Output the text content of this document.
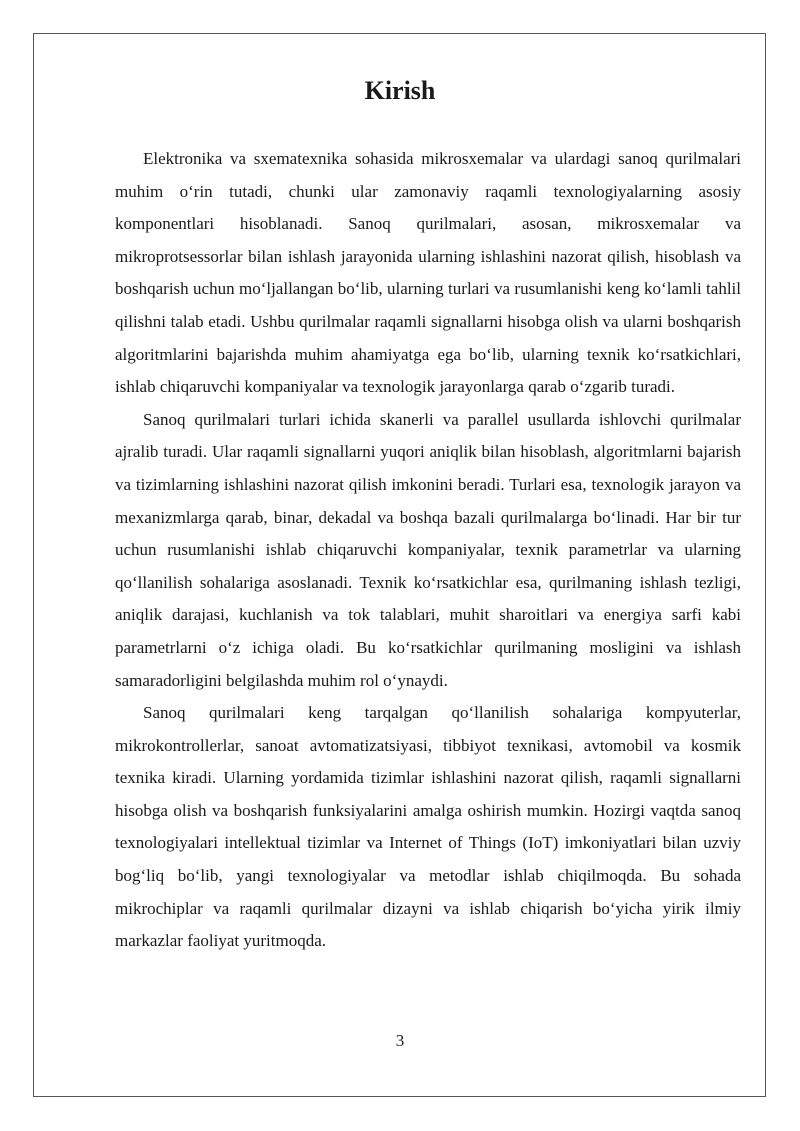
Kirish

Elektronika va sxematexnika sohasida mikrosxemalar va ulardagi sanoq qurilmalari muhim o‘rin tutadi, chunki ular zamonaviy raqamli texnologiyalarning asosiy komponentlari hisoblanadi. Sanoq qurilmalari, asosan, mikrosxemalar va mikroprotsessorlar bilan ishlash jarayonida ularning ishlashini nazorat qilish, hisoblash va boshqarish uchun mo‘ljallangan bo‘lib, ularning turlari va rusumlanishi keng ko‘lamli tahlil qilishni talab etadi. Ushbu qurilmalar raqamli signallarni hisobga olish va ularni boshqarish algoritmlarini bajarishda muhim ahamiyatga ega bo‘lib, ularning texnik ko‘rsatkichlari, ishlab chiqaruvchi kompaniyalar va texnologik jarayonlarga qarab o‘zgarib turadi.

Sanoq qurilmalari turlari ichida skanerli va parallel usullarda ishlovchi qurilmalar ajralib turadi. Ular raqamli signallarni yuqori aniqlik bilan hisoblash, algoritmlarni bajarish va tizimlarning ishlashini nazorat qilish imkonini beradi. Turlari esa, texnologik jarayon va mexanizmlarga qarab, binar, dekadal va boshqa bazali qurilmalarga bo‘linadi. Har bir tur uchun rusumlanishi ishlab chiqaruvchi kompaniyalar, texnik parametrlar va ularning qo‘llanilish sohalariga asoslanadi. Texnik ko‘rsatkichlar esa, qurilmaning ishlash tezligi, aniqlik darajasi, kuchlanish va tok talablari, muhit sharoitlari va energiya sarfi kabi parametrlarni o‘z ichiga oladi. Bu ko‘rsatkichlar qurilmaning mosligini va ishlash samaradorligini belgilashda muhim rol o‘ynaydi.

Sanoq qurilmalari keng tarqalgan qo‘llanilish sohalariga kompyuterlar, mikrokontrollerlar, sanoat avtomatizatsiyasi, tibbiyot texnikasi, avtomobil va kosmik texnika kiradi. Ularning yordamida tizimlar ishlashini nazorat qilish, raqamli signallarni hisobga olish va boshqarish funksiyalarini amalga oshirish mumkin. Hozirgi vaqtda sanoq texnologiyalari intellektual tizimlar va Internet of Things (IoT) imkoniyatlari bilan uzviy bog‘liq bo‘lib, yangi texnologiyalar va metodlar ishlab chiqilmoqda. Bu sohada mikrochiplar va raqamli qurilmalar dizayni va ishlab chiqarish bo‘yicha yirik ilmiy markazlar faoliyat yuritmoqda.

3
